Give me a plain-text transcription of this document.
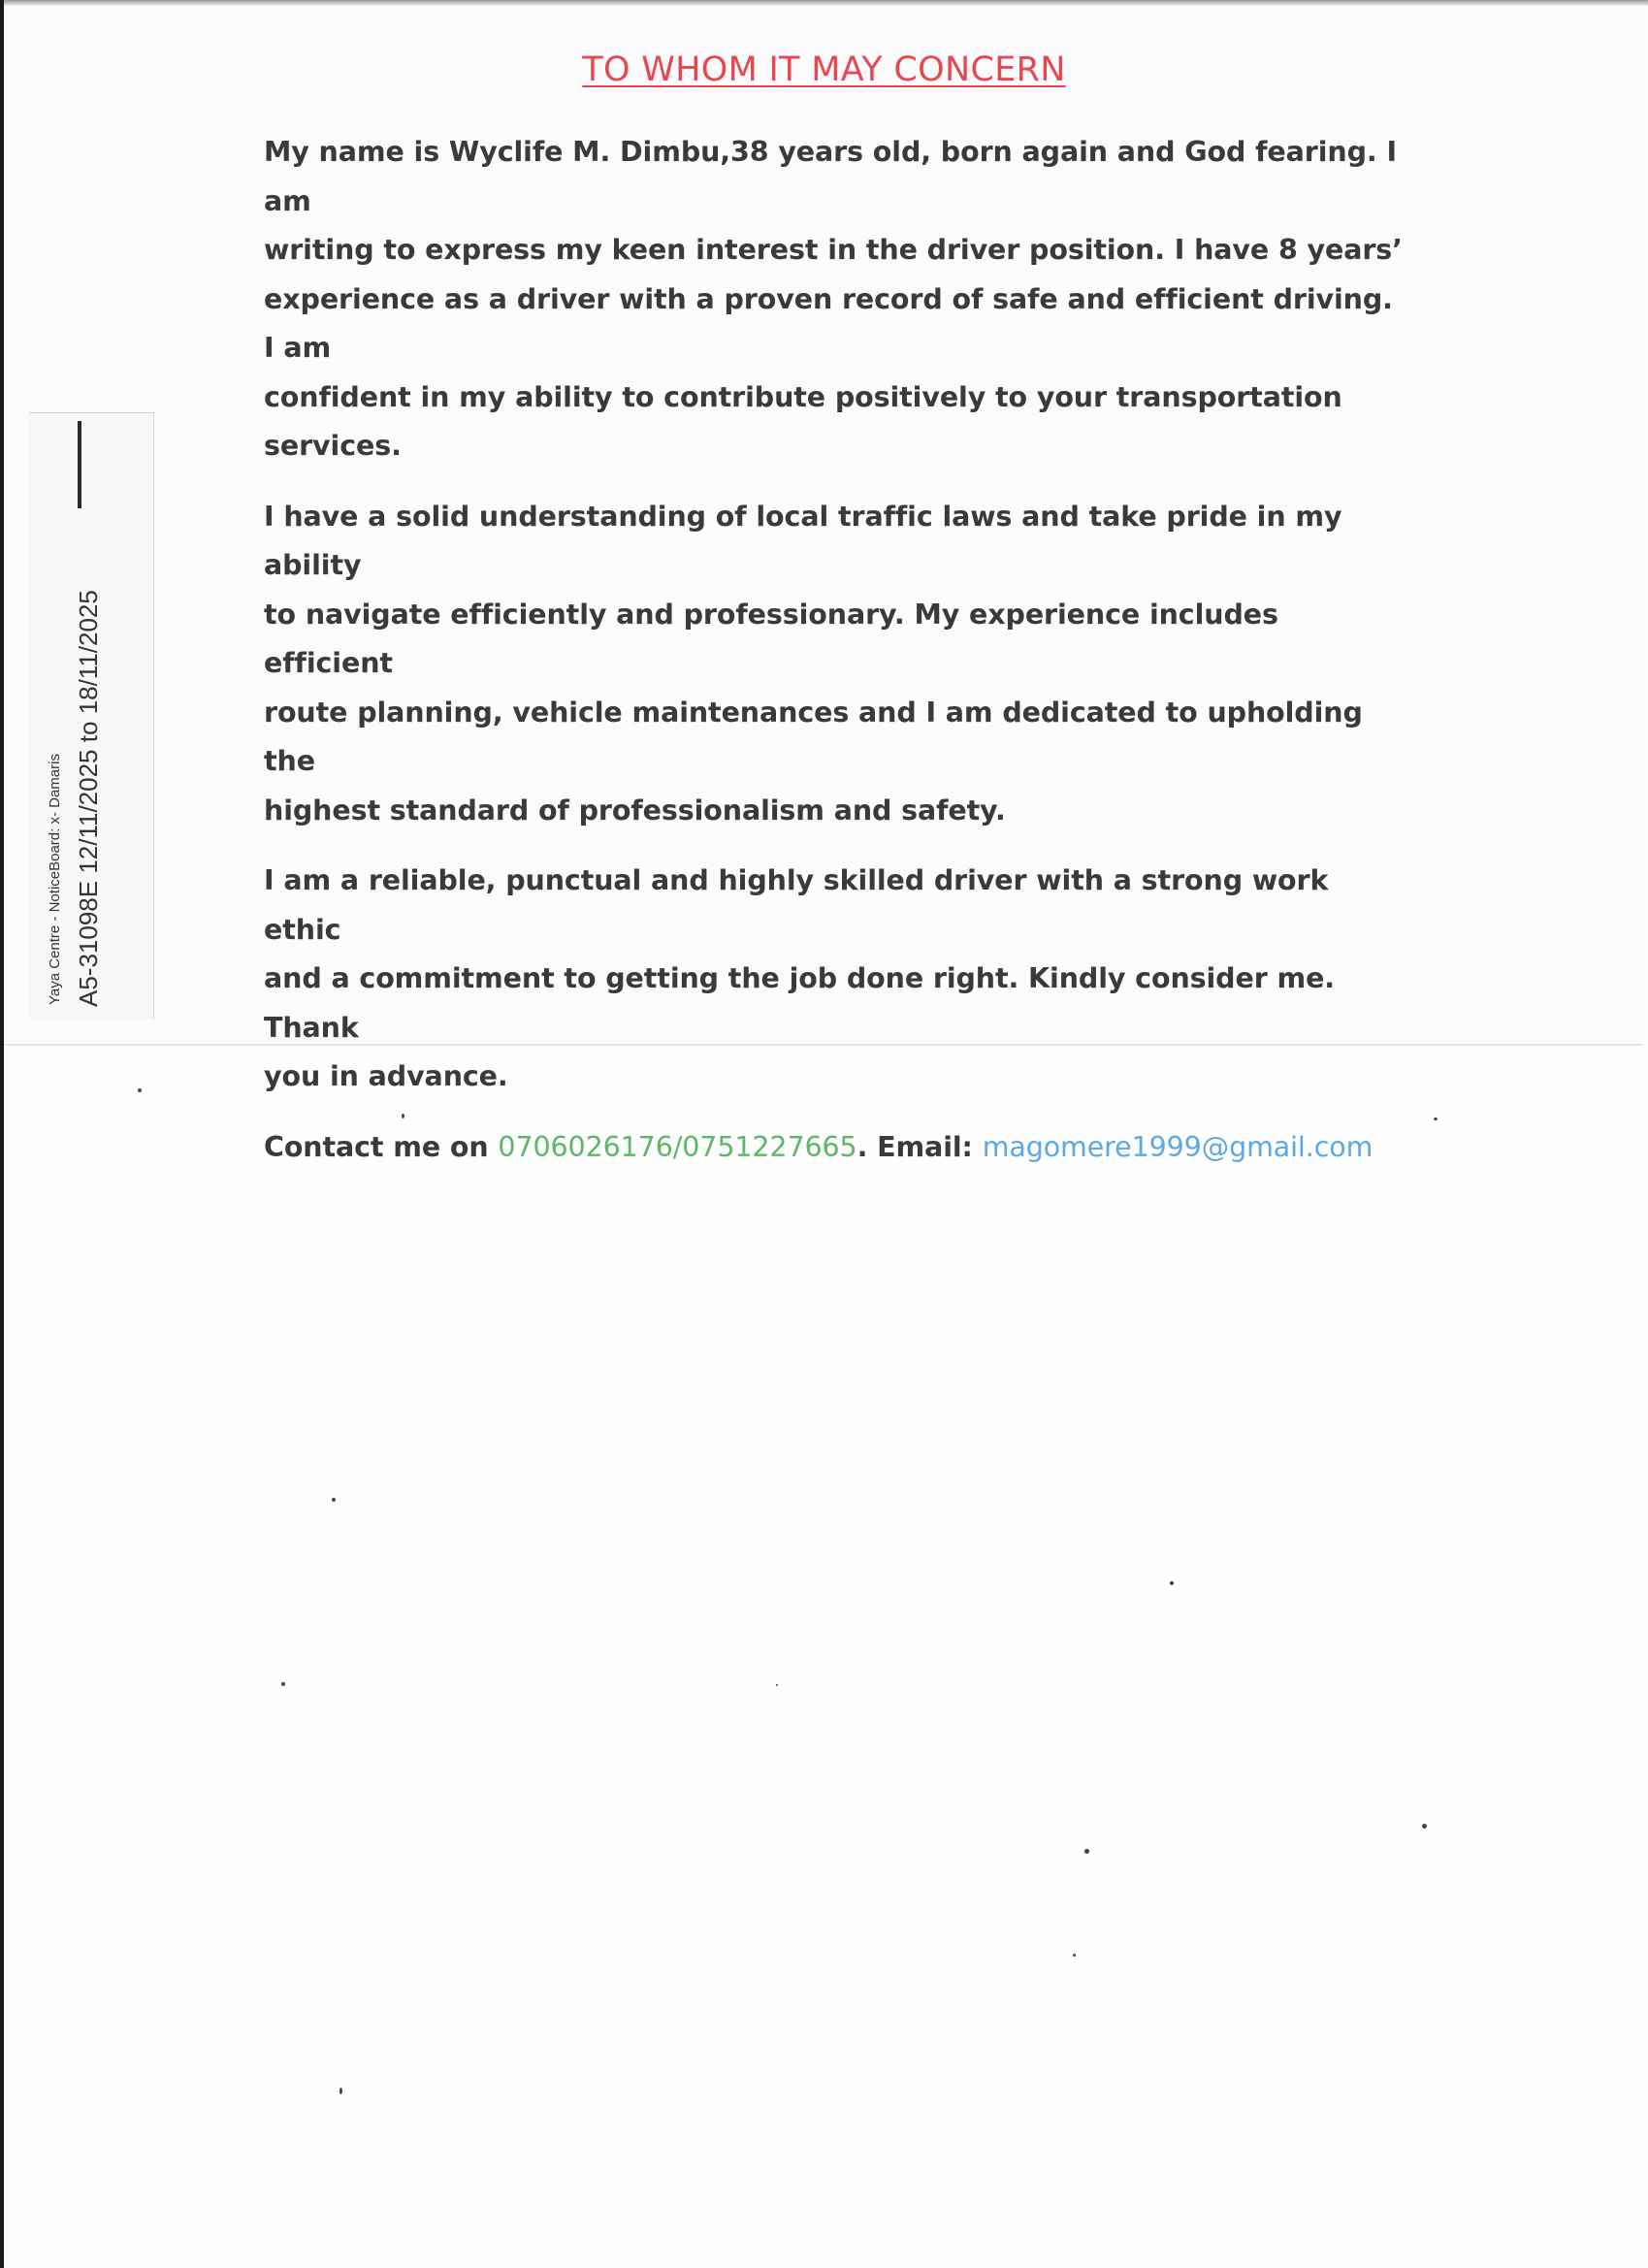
TO WHOM IT MAY CONCERN

My name is Wyclife M. Dimbu,38 years old, born again and God fearing. I am
writing to express my keen interest in the driver position. I have 8 years’
experience as a driver with a proven record of safe and efficient driving. I am
confident in my ability to contribute positively to your transportation
services.

I have a solid understanding of local traffic laws and take pride in my ability
to navigate efficiently and professionary. My experience includes efficient
route planning, vehicle maintenances and I am dedicated to upholding the
highest standard of professionalism and safety.

I am a reliable, punctual and highly skilled driver with a strong work ethic
and a commitment to getting the job done right. Kindly consider me. Thank
you in advance.

Contact me on 0706026176/0751227665. Email: magomere1999@gmail.com

Yaya Centre - NoticeBoard: x- Damaris A5-31098E 12/11/2025 to 18/11/2025
